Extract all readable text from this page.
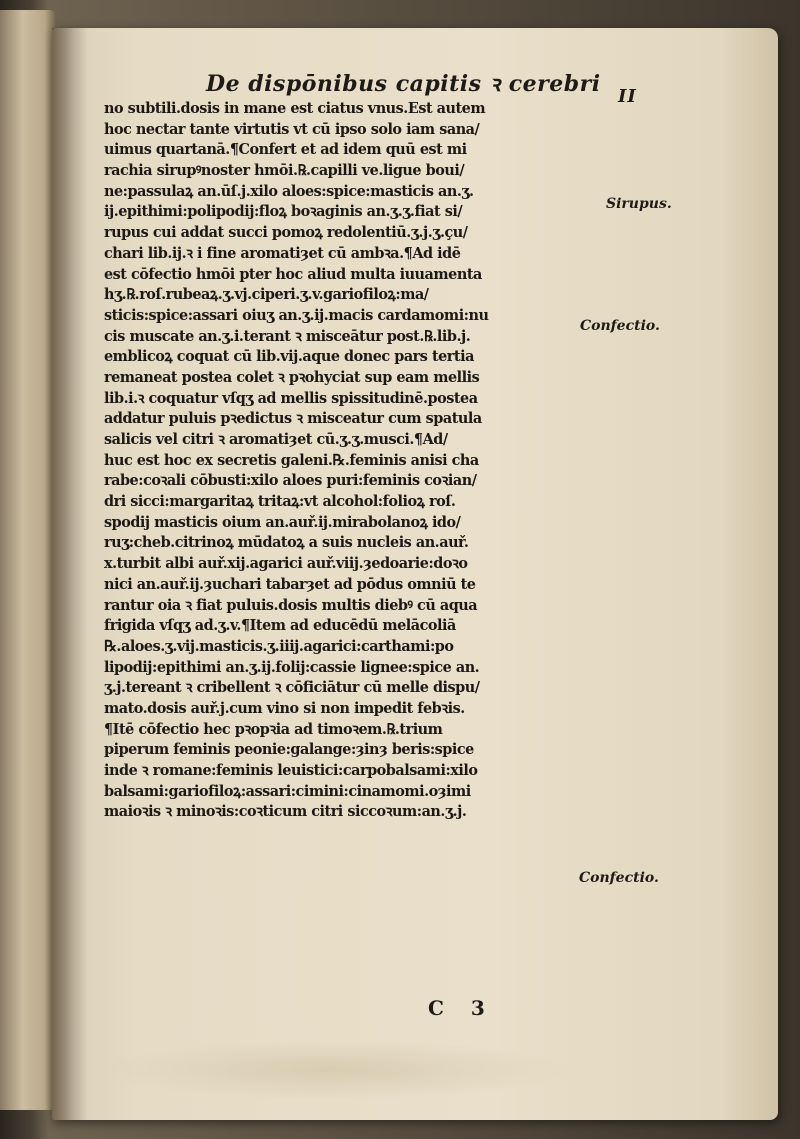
De dispōnibus capitis ꝛ cerebri II
no subtili.dosis in mane est ciatus vnus.Est autem
hoc nectar tante virtutis vt cū ipso solo iam sana/
uimus quartanā.¶Confert et ad idem quū est mi
rachia sirupꝰnoster hmōi.℞.capilli ve.ligue boui/
ne:passulaꝝ an.ūſ.j.xilo aloes:spice:masticis an.ʒ.
ij.epithimi:polipodij:floꝝ boꝛaginis an.ʒ.ʒ.fiat si/
rupus cui addat succi pomoꝝ redolentiū.ʒ.j.ʒ.çu/
chari lib.ij.ꝛ i fine aromatiȝet cū ambꝛa.¶Ad idē
est cōfectio hmōi pter hoc aliud multa iuuamenta
hʒ.℞.roſ.rubeaꝝ.ʒ.vj.ciperi.ʒ.v.gariofiloꝝ:ma/
sticis:spice:assari oiuʒ an.ʒ.ij.macis cardamomi:nu
cis muscate an.ʒ.i.terant ꝛ misceātur post.℞.lib.j.
emblicoꝝ coquat cū lib.vij.aque donec pars tertia
remaneat postea colet ꝛ pꝛohyciat sup eam mellis
lib.i.ꝛ coquatur vſqʒ ad mellis spissitudinē.postea
addatur puluis pꝛedictus ꝛ misceatur cum spatula
salicis vel citri ꝛ aromatiȝet cū.ʒ.ʒ.musci.¶Ad/
huc est hoc ex secretis galeni.℞.feminis anisi cha
rabe:coꝛali cōbusti:xilo aloes puri:feminis coꝛian/
dri sicci:margaritaꝝ tritaꝝ:vt alcohol:folioꝝ roſ.
spodij masticis oium an.auř.ij.mirabolanoꝝ ido/
ruʒ:cheb.citrinoꝝ mūdatoꝝ a suis nucleis an.auř.
x.turbit albi auř.xij.agarici auř.viij.ȝedoarie:doꝛo
nici an.auř.ij.ȝuchari tabarȝet ad pōdus omniū te
rantur oia ꝛ fiat puluis.dosis multis diebꝰ cū aqua
frigida vſqʒ ad.ʒ.v.¶Item ad educēdū melācoliā
℞.aloes.ʒ.vij.masticis.ʒ.iiij.agarici:carthami:po
lipodij:epithimi an.ʒ.ij.folij:cassie lignee:spice an.
ʒ.j.tereant ꝛ cribellent ꝛ cōficiātur cū melle dispu/
mato.dosis auř.j.cum vino si non impedit febꝛis.
¶Itē cōfectio hec pꝛopꝛia ad timoꝛem.℞.trium
piperum feminis peonie:galange:ȝinȝ beris:spice
inde ꝛ romane:feminis leuistici:carpobalsami:xilo
balsami:gariofiloꝝ:assari:cimini:cinamomi.oȝimi
maioꝛis ꝛ minoꝛis:coꝛticum citri siccoꝛum:an.ʒ.j.
Sirupus.
Confectio.
Confectio.
C 3
